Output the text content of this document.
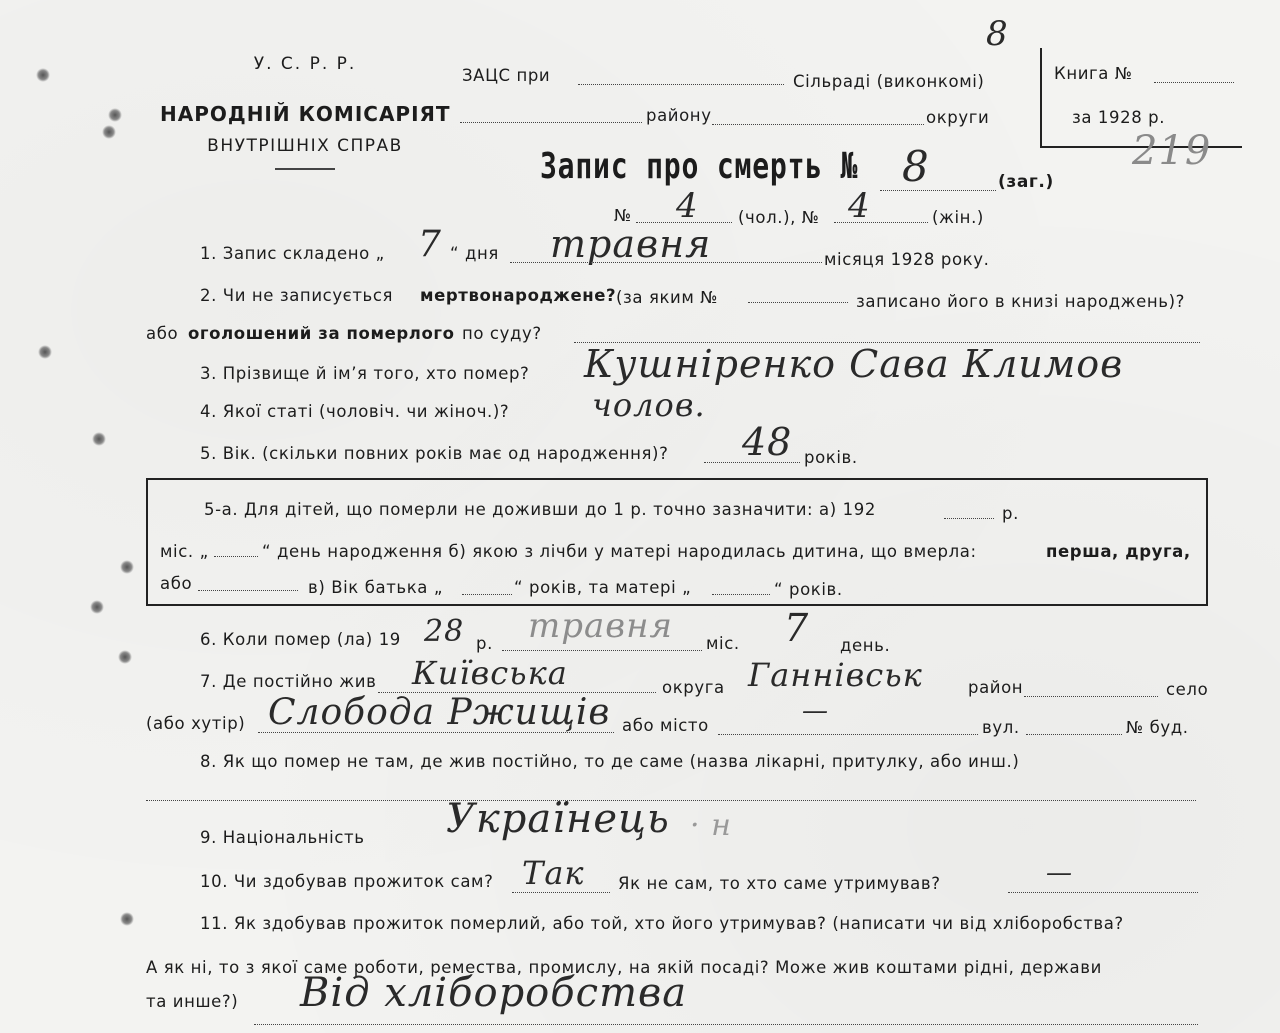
У. С. Р. Р.
НАРОДНІЙ КОМІСАРІЯТ
ВНУТРІШНІХ СПРАВ
ЗАЦС при	Сільраді (виконкомі)
району	округи
8
Книга №
за 1928 р.
219
Запис про смерть № 8	(заг.)
№ 4 (чол.), № 4	(жін.)
1. Запис складено „ 7 “ дня травня	місяця 1928 року.
2. Чи не записується мертвонароджене? (за яким №	записано його в книзі народжень)?
або оголошений за померлого по суду?
3. Прізвище й ім’я того, хто помер? Кушніренко Сава Климов
4. Якої статі (чоловіч. чи жіноч.)?	чолов.
5. Вік. (скільки повних років має од народження)? 48 років.
5-а. Для дітей, що померли не доживши до 1 р. точно зазначити: а) 192	р.
міс. „	“ день народження б) якою з лічби у матері народилась дитина, що вмерла:	перша, друга,
або	в) Вік батька „	“ років, та матері „	“ років.
6. Коли помер (ла) 19 28 р. травня міс. 7 день.
7. Де постійно жив Київська	округа Ганнівськ	район	село
(або хутір) Слобода Ржищів або місто	—
вул.	№ буд.
8. Як що помер не там, де жив постійно, то де саме (назва лікарні, притулку, або инш.)
9. Національність Українець · н
10. Чи здобував прожиток сам? Так Як не сам, то хто саме утримував?	—
11. Як здобував прожиток померлий, або той, хто його утримував? (написати чи від хліборобства?
А як ні, то з якої саме роботи, ремества, промислу, на якій посаді? Може жив коштами рідні, держави
та инше?) Від хліборобства
